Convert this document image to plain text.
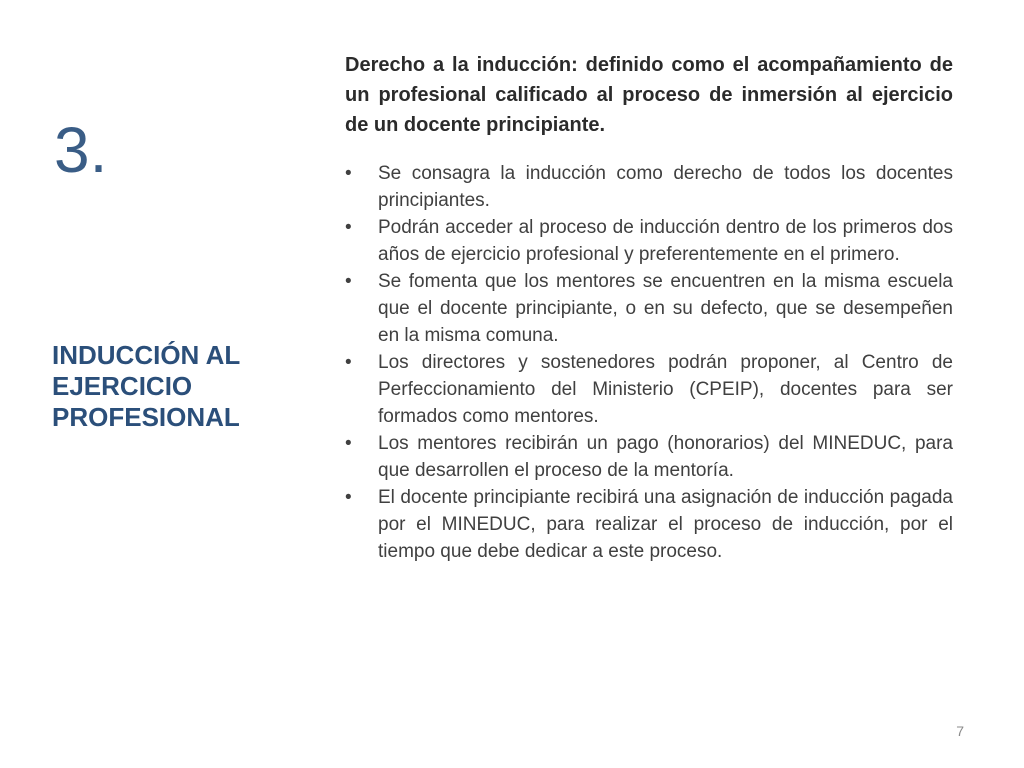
3.
INDUCCIÓN AL EJERCICIO PROFESIONAL

Derecho a la inducción: definido como el acompañamiento de un profesional calificado al proceso de inmersión al ejercicio de un docente principiante.

•	Se consagra la inducción como derecho de todos los docentes principiantes.
•	Podrán acceder al proceso de inducción dentro de los primeros dos años de ejercicio profesional y preferentemente en el primero.
•	Se fomenta que los mentores se encuentren en la misma escuela que el docente principiante, o en su defecto, que se desempeñen en la misma comuna.
•	Los directores y sostenedores podrán proponer, al Centro de Perfeccionamiento del Ministerio (CPEIP), docentes para ser formados como mentores.
•	Los mentores recibirán un pago (honorarios) del MINEDUC, para que desarrollen el proceso de la mentoría.
•	El docente principiante recibirá una asignación de inducción pagada por el MINEDUC, para realizar el proceso de inducción, por el tiempo que debe dedicar a este proceso.
7
